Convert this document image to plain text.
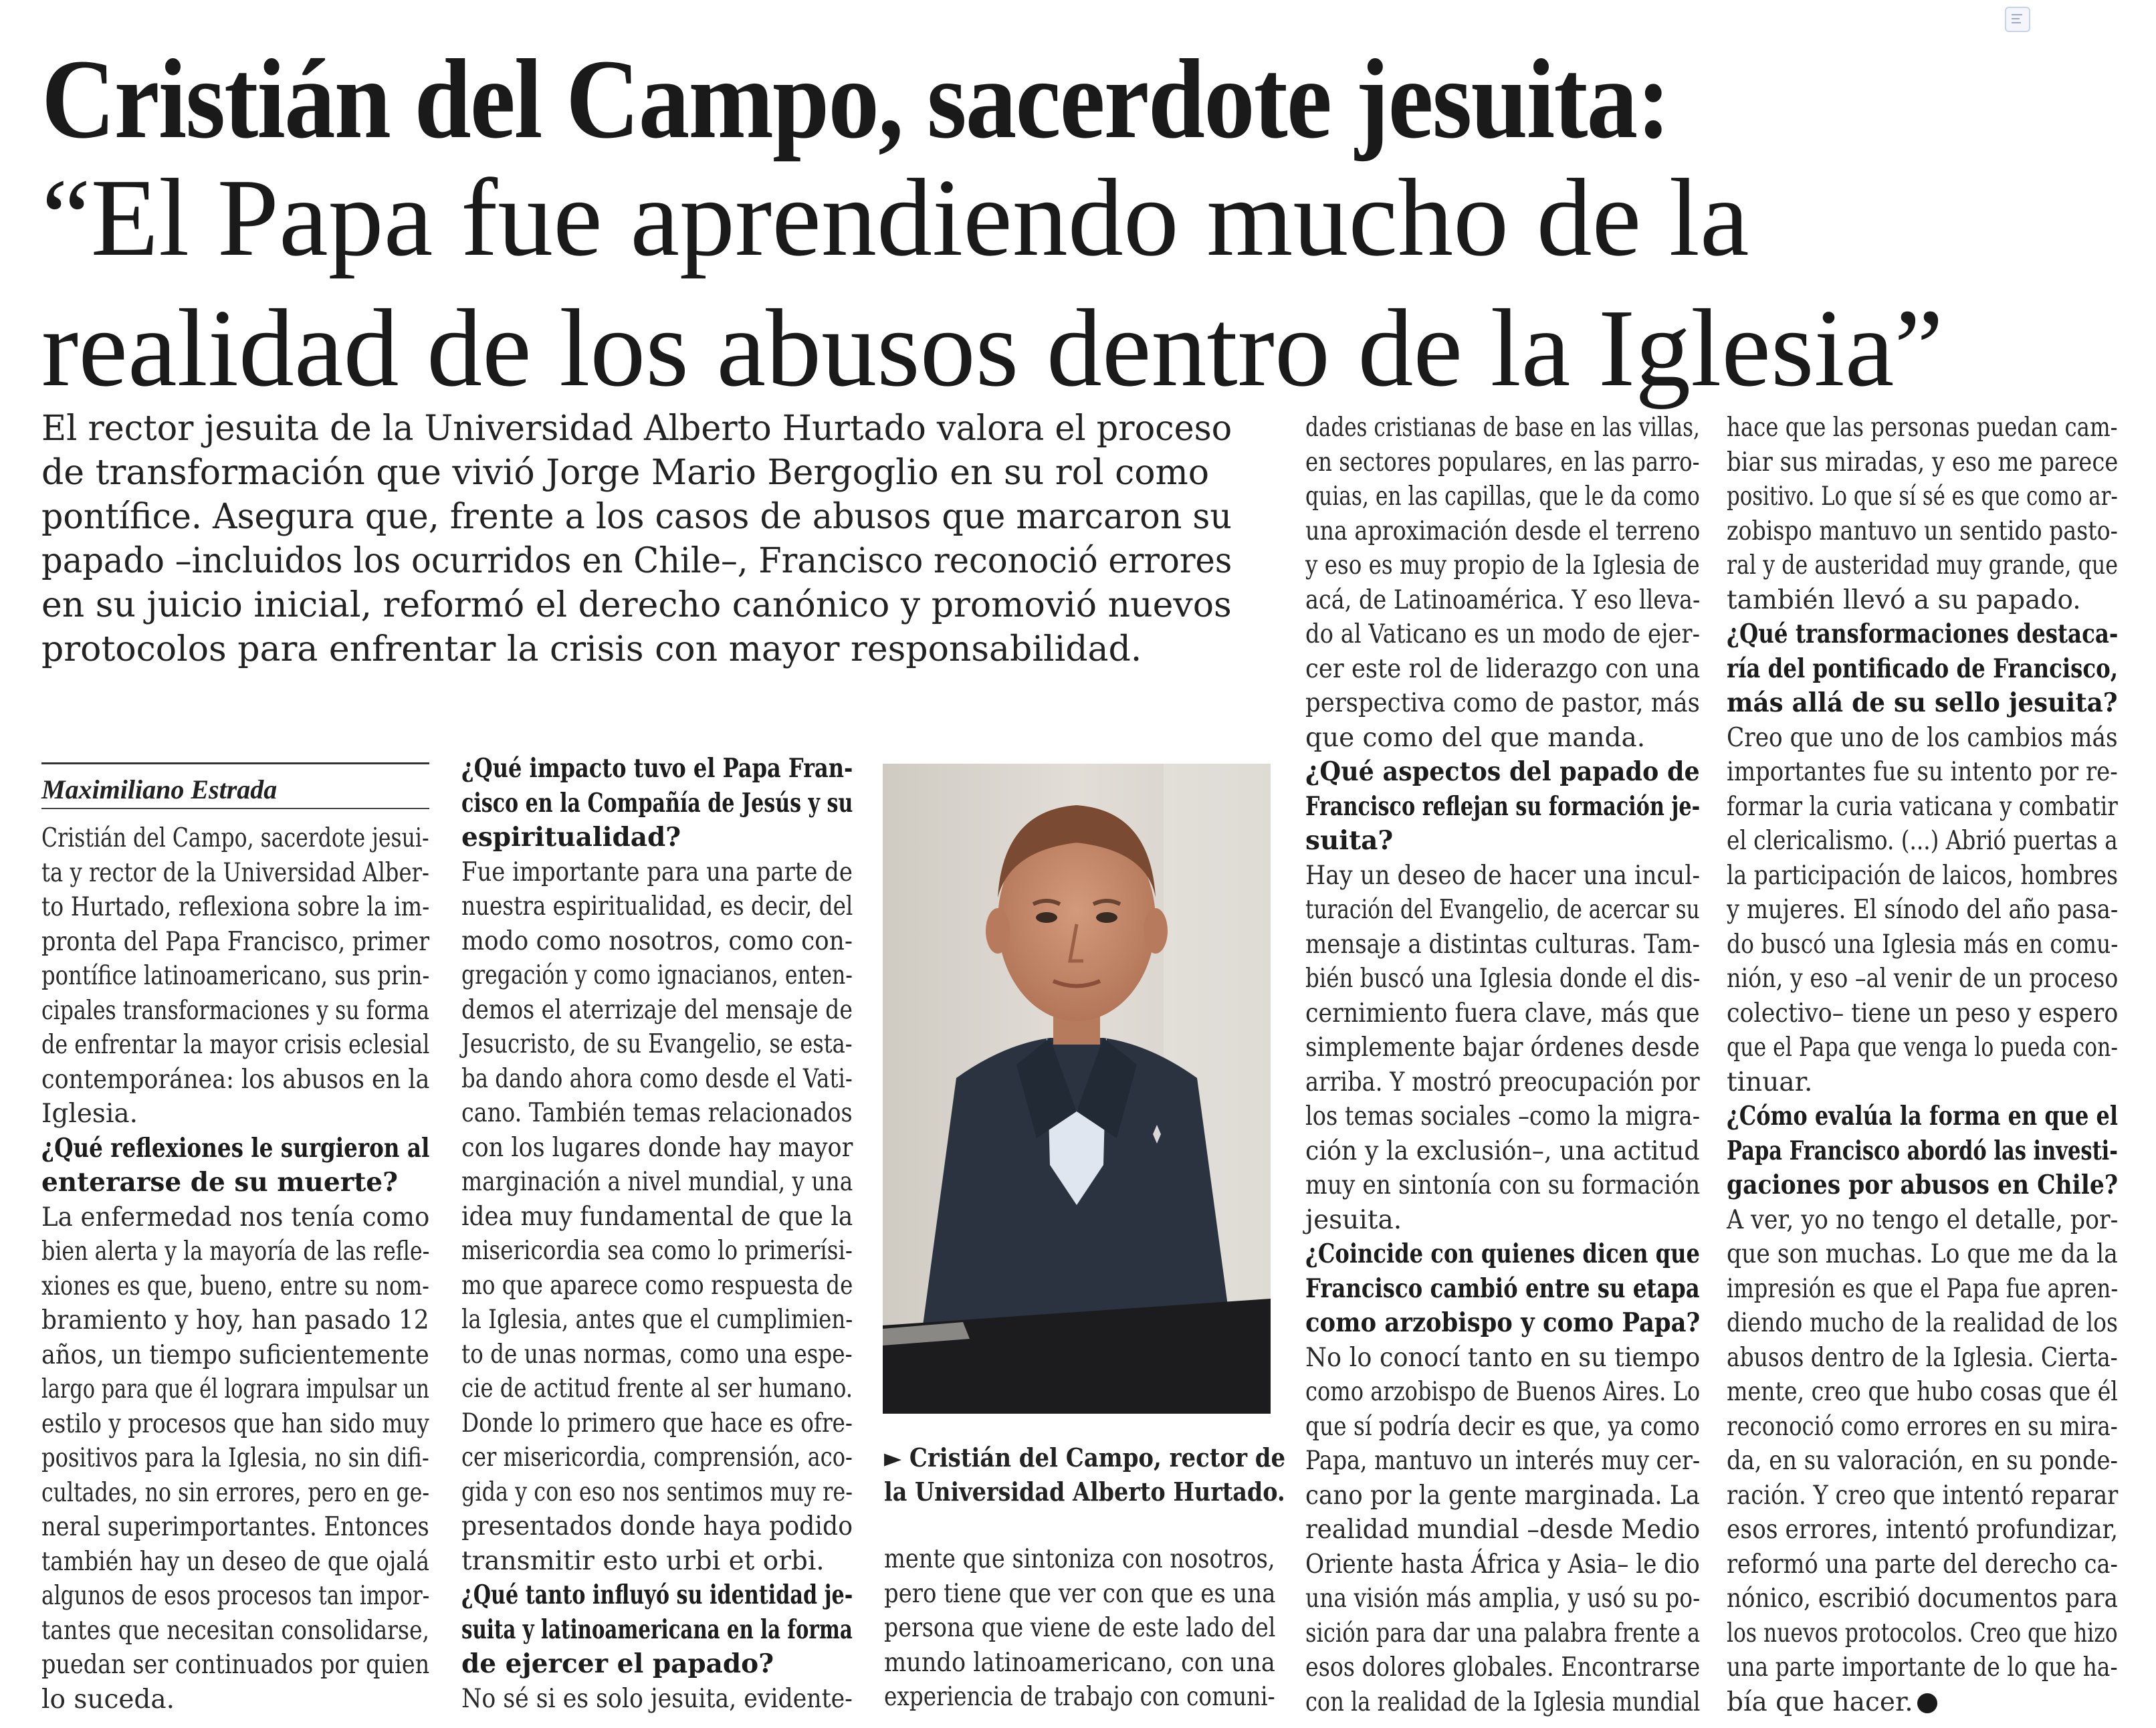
Cristián del Campo, sacerdote jesuita:
“El Papa fue aprendiendo mucho de la
realidad de los abusos dentro de la Iglesia”
El rector jesuita de la Universidad Alberto Hurtado valora el proceso
de transformación que vivió Jorge Mario Bergoglio en su rol como
pontífice. Asegura que, frente a los casos de abusos que marcaron su
papado –incluidos los ocurridos en Chile–, Francisco reconoció errores
en su juicio inicial, reformó el derecho canónico y promovió nuevos
protocolos para enfrentar la crisis con mayor responsabilidad.
Maximiliano Estrada
Cristián del Campo, sacerdote jesui-
ta y rector de la Universidad Alber-
to Hurtado, reflexiona sobre la im-
pronta del Papa Francisco, primer
pontífice latinoamericano, sus prin-
cipales transformaciones y su forma
de enfrentar la mayor crisis eclesial
contemporánea: los abusos en la
Iglesia.
¿Qué reflexiones le surgieron al
enterarse de su muerte?
La enfermedad nos tenía como
bien alerta y la mayoría de las refle-
xiones es que, bueno, entre su nom-
bramiento y hoy, han pasado 12
años, un tiempo suficientemente
largo para que él lograra impulsar un
estilo y procesos que han sido muy
positivos para la Iglesia, no sin difi-
cultades, no sin errores, pero en ge-
neral superimportantes. Entonces
también hay un deseo de que ojalá
algunos de esos procesos tan impor-
tantes que necesitan consolidarse,
puedan ser continuados por quien
lo suceda.
¿Qué impacto tuvo el Papa Fran-
cisco en la Compañía de Jesús y su
espiritualidad?
Fue importante para una parte de
nuestra espiritualidad, es decir, del
modo como nosotros, como con-
gregación y como ignacianos, enten-
demos el aterrizaje del mensaje de
Jesucristo, de su Evangelio, se esta-
ba dando ahora como desde el Vati-
cano. También temas relacionados
con los lugares donde hay mayor
marginación a nivel mundial, y una
idea muy fundamental de que la
misericordia sea como lo primerísi-
mo que aparece como respuesta de
la Iglesia, antes que el cumplimien-
to de unas normas, como una espe-
cie de actitud frente al ser humano.
Donde lo primero que hace es ofre-
cer misericordia, comprensión, aco-
gida y con eso nos sentimos muy re-
presentados donde haya podido
transmitir esto urbi et orbi.
¿Qué tanto influyó su identidad je-
suita y latinoamericana en la forma
de ejercer el papado?
No sé si es solo jesuita, evidente-
► Cristián del Campo, rector de
la Universidad Alberto Hurtado.
mente que sintoniza con nosotros,
pero tiene que ver con que es una
persona que viene de este lado del
mundo latinoamericano, con una
experiencia de trabajo con comuni-
dades cristianas de base en las villas,
en sectores populares, en las parro-
quias, en las capillas, que le da como
una aproximación desde el terreno
y eso es muy propio de la Iglesia de
acá, de Latinoamérica. Y eso lleva-
do al Vaticano es un modo de ejer-
cer este rol de liderazgo con una
perspectiva como de pastor, más
que como del que manda.
¿Qué aspectos del papado de
Francisco reflejan su formación je-
suita?
Hay un deseo de hacer una incul-
turación del Evangelio, de acercar su
mensaje a distintas culturas. Tam-
bién buscó una Iglesia donde el dis-
cernimiento fuera clave, más que
simplemente bajar órdenes desde
arriba. Y mostró preocupación por
los temas sociales –como la migra-
ción y la exclusión–, una actitud
muy en sintonía con su formación
jesuita.
¿Coincide con quienes dicen que
Francisco cambió entre su etapa
como arzobispo y como Papa?
No lo conocí tanto en su tiempo
como arzobispo de Buenos Aires. Lo
que sí podría decir es que, ya como
Papa, mantuvo un interés muy cer-
cano por la gente marginada. La
realidad mundial –desde Medio
Oriente hasta África y Asia– le dio
una visión más amplia, y usó su po-
sición para dar una palabra frente a
esos dolores globales. Encontrarse
con la realidad de la Iglesia mundial
hace que las personas puedan cam-
biar sus miradas, y eso me parece
positivo. Lo que sí sé es que como ar-
zobispo mantuvo un sentido pasto-
ral y de austeridad muy grande, que
también llevó a su papado.
¿Qué transformaciones destaca-
ría del pontificado de Francisco,
más allá de su sello jesuita?
Creo que uno de los cambios más
importantes fue su intento por re-
formar la curia vaticana y combatir
el clericalismo. (...) Abrió puertas a
la participación de laicos, hombres
y mujeres. El sínodo del año pasa-
do buscó una Iglesia más en comu-
nión, y eso –al venir de un proceso
colectivo– tiene un peso y espero
que el Papa que venga lo pueda con-
tinuar.
¿Cómo evalúa la forma en que el
Papa Francisco abordó las investi-
gaciones por abusos en Chile?
A ver, yo no tengo el detalle, por-
que son muchas. Lo que me da la
impresión es que el Papa fue apren-
diendo mucho de la realidad de los
abusos dentro de la Iglesia. Cierta-
mente, creo que hubo cosas que él
reconoció como errores en su mira-
da, en su valoración, en su ponde-
ración. Y creo que intentó reparar
esos errores, intentó profundizar,
reformó una parte del derecho ca-
nónico, escribió documentos para
los nuevos protocolos. Creo que hizo
una parte importante de lo que ha-
bía que hacer.
